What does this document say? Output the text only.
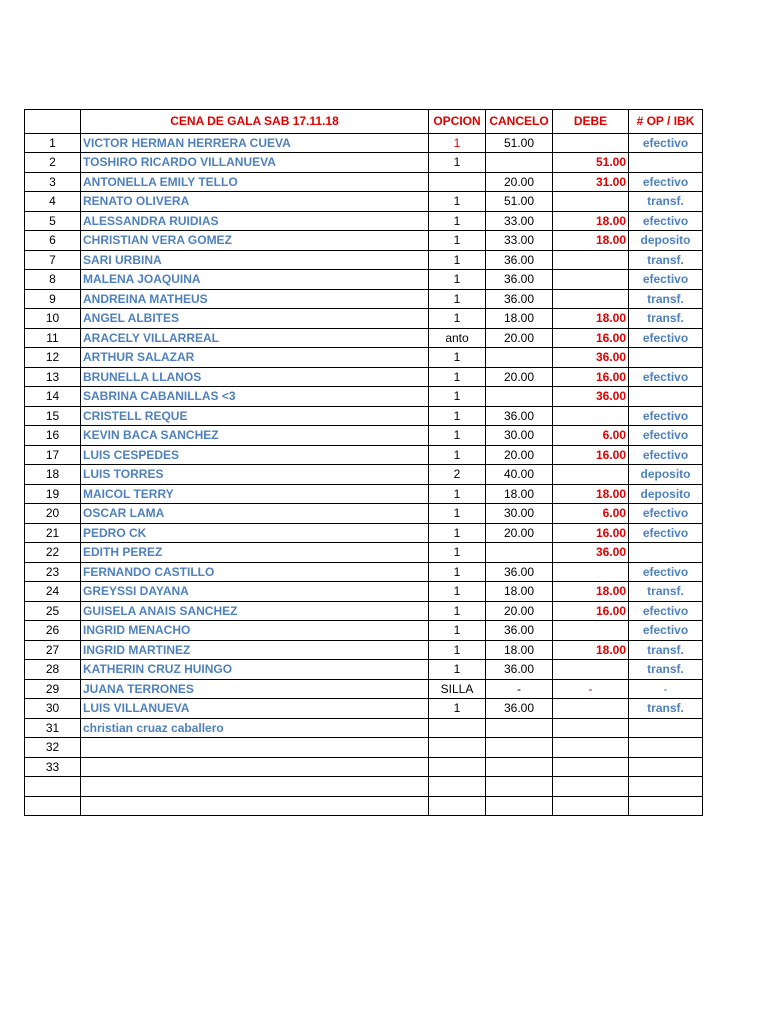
	CENA DE GALA SAB 17.11.18	OPCION	CANCELO	DEBE	# OP / IBK
1	VICTOR HERMAN HERRERA CUEVA	1	51.00		efectivo
2	TOSHIRO RICARDO VILLANUEVA	1		51.00	
3	ANTONELLA EMILY TELLO		20.00	31.00	efectivo
4	RENATO OLIVERA	1	51.00		transf.
5	ALESSANDRA RUIDIAS	1	33.00	18.00	efectivo
6	CHRISTIAN VERA GOMEZ	1	33.00	18.00	deposito
7	SARI URBINA	1	36.00		transf.
8	MALENA JOAQUINA	1	36.00		efectivo
9	ANDREINA MATHEUS	1	36.00		transf.
10	ANGEL ALBITES	1	18.00	18.00	transf.
11	ARACELY VILLARREAL	anto	20.00	16.00	efectivo
12	ARTHUR SALAZAR	1		36.00	
13	BRUNELLA LLANOS	1	20.00	16.00	efectivo
14	SABRINA CABANILLAS <3	1		36.00	
15	CRISTELL REQUE	1	36.00		efectivo
16	KEVIN BACA SANCHEZ	1	30.00	6.00	efectivo
17	LUIS CESPEDES	1	20.00	16.00	efectivo
18	LUIS TORRES	2	40.00		deposito
19	MAICOL TERRY	1	18.00	18.00	deposito
20	OSCAR LAMA	1	30.00	6.00	efectivo
21	PEDRO CK	1	20.00	16.00	efectivo
22	EDITH PEREZ	1		36.00	
23	FERNANDO CASTILLO	1	36.00		efectivo
24	GREYSSI DAYANA	1	18.00	18.00	transf.
25	GUISELA ANAIS SANCHEZ	1	20.00	16.00	efectivo
26	INGRID MENACHO	1	36.00		efectivo
27	INGRID MARTINEZ	1	18.00	18.00	transf.
28	KATHERIN CRUZ HUINGO	1	36.00		transf.
29	JUANA TERRONES	SILLA	-	-	-
30	LUIS VILLANUEVA	1	36.00		transf.
31	christian cruaz caballero				
32					
33					
